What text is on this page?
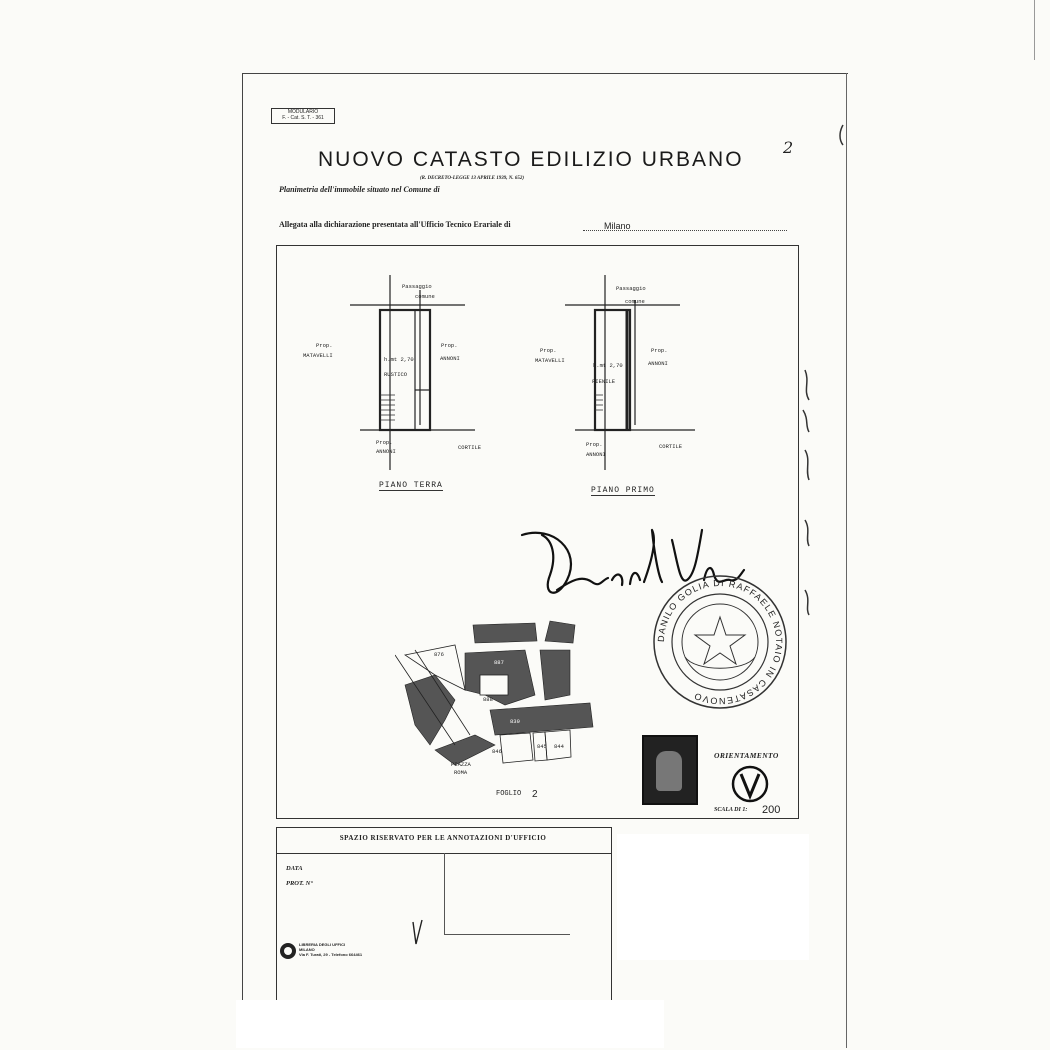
MODULARIO
F. - Cat. S. T. - 361
NUOVO CATASTO EDILIZIO URBANO
2
(R. DECRETO-LEGGE 13 APRILE 1939, N. 652)
Planimetria dell'immobile situato nel Comune di
Allegata alla dichiarazione presentata all'Ufficio Tecnico Erariale di	Milano
Passaggio
comune
Prop.
MATAVELLI
Prop.
ANNONI
h.mt 2,70
RUSTICO
Prop.
ANNONI
CORTILE
PIANO TERRA
Passaggio
comune
Prop.
MATAVELLI
Prop.
ANNONI
h.mt 2,70
FIENILE
Prop.
ANNONI
CORTILE
PIANO PRIMO
DANILO GOLIA DI RAFFAELE NOTAIO IN CASATENOVO
876
887
888
839
846
845 844
PIAZZA
ROMA
FOGLIO 2
ORIENTAMENTO
SCALA DI 1: 200
SPAZIO RISERVATO PER LE ANNOTAZIONI D'UFFICIO
DATA
PROT. N°
LIBRERIA DEGLI UFFICI
MILANO
Via F. Turati, 29 - Telefono 664461
